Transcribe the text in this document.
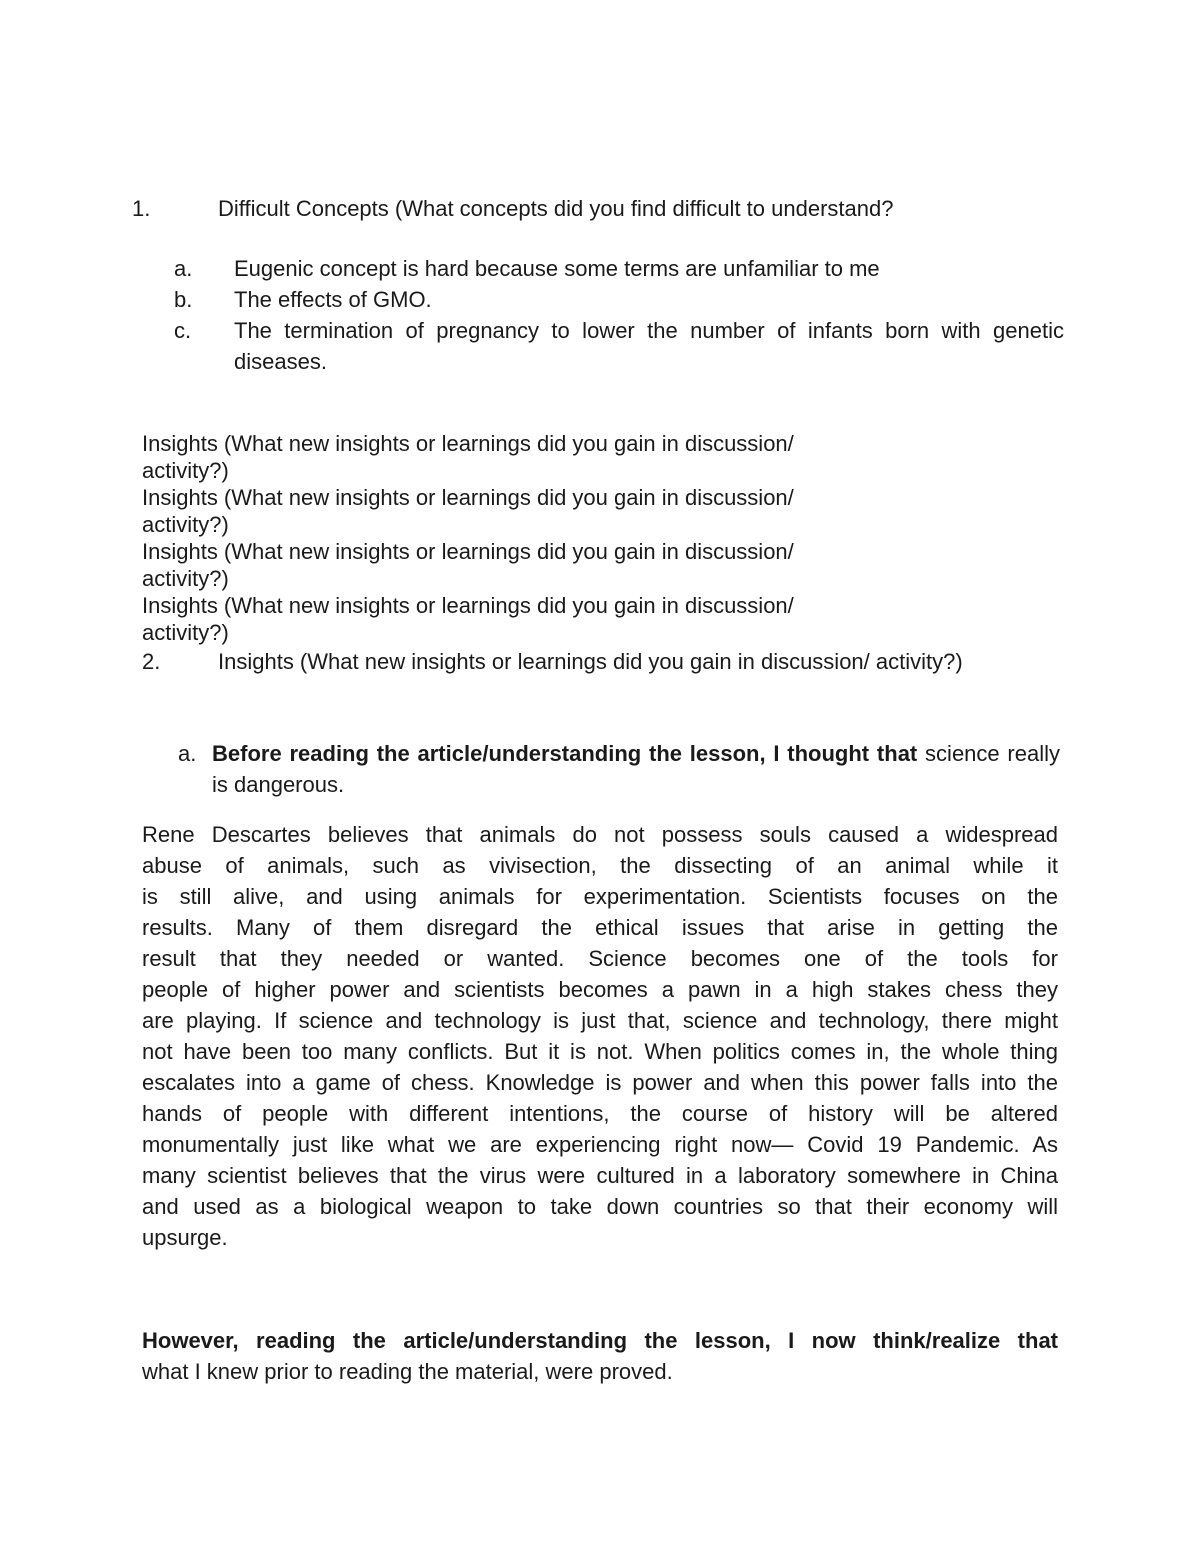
1.	Difficult Concepts (What concepts did you find difficult to understand?
a. Eugenic concept is hard because some terms are unfamiliar to me
b. The effects of GMO.
c. The termination of pregnancy to lower the number of infants born with genetic diseases.
Insights (What new insights or learnings did you gain in discussion/
activity?)
Insights (What new insights or learnings did you gain in discussion/
activity?)
Insights (What new insights or learnings did you gain in discussion/
activity?)
Insights (What new insights or learnings did you gain in discussion/
activity?)
2.	Insights (What new insights or learnings did you gain in discussion/ activity?)
a. Before reading the article/understanding the lesson, I thought that science really is dangerous.
Rene Descartes believes that animals do not possess souls caused a widespread
abuse of animals, such as vivisection, the dissecting of an animal while it
is still alive, and using animals for experimentation. Scientists focuses on the
results. Many of them disregard the ethical issues that arise in getting the
result that they needed or wanted. Science becomes one of the tools for
people of higher power and scientists becomes a pawn in a high stakes chess they
are playing. If science and technology is just that, science and technology, there might
not have been too many conflicts. But it is not. When politics comes in, the whole thing
escalates into a game of chess. Knowledge is power and when this power falls into the
hands of people with different intentions, the course of history will be altered
monumentally just like what we are experiencing right now— Covid 19 Pandemic. As
many scientist believes that the virus were cultured in a laboratory somewhere in China
and used as a biological weapon to take down countries so that their economy will
upsurge.
However, reading the article/understanding the lesson, I now think/realize that
what I knew prior to reading the material, were proved.
